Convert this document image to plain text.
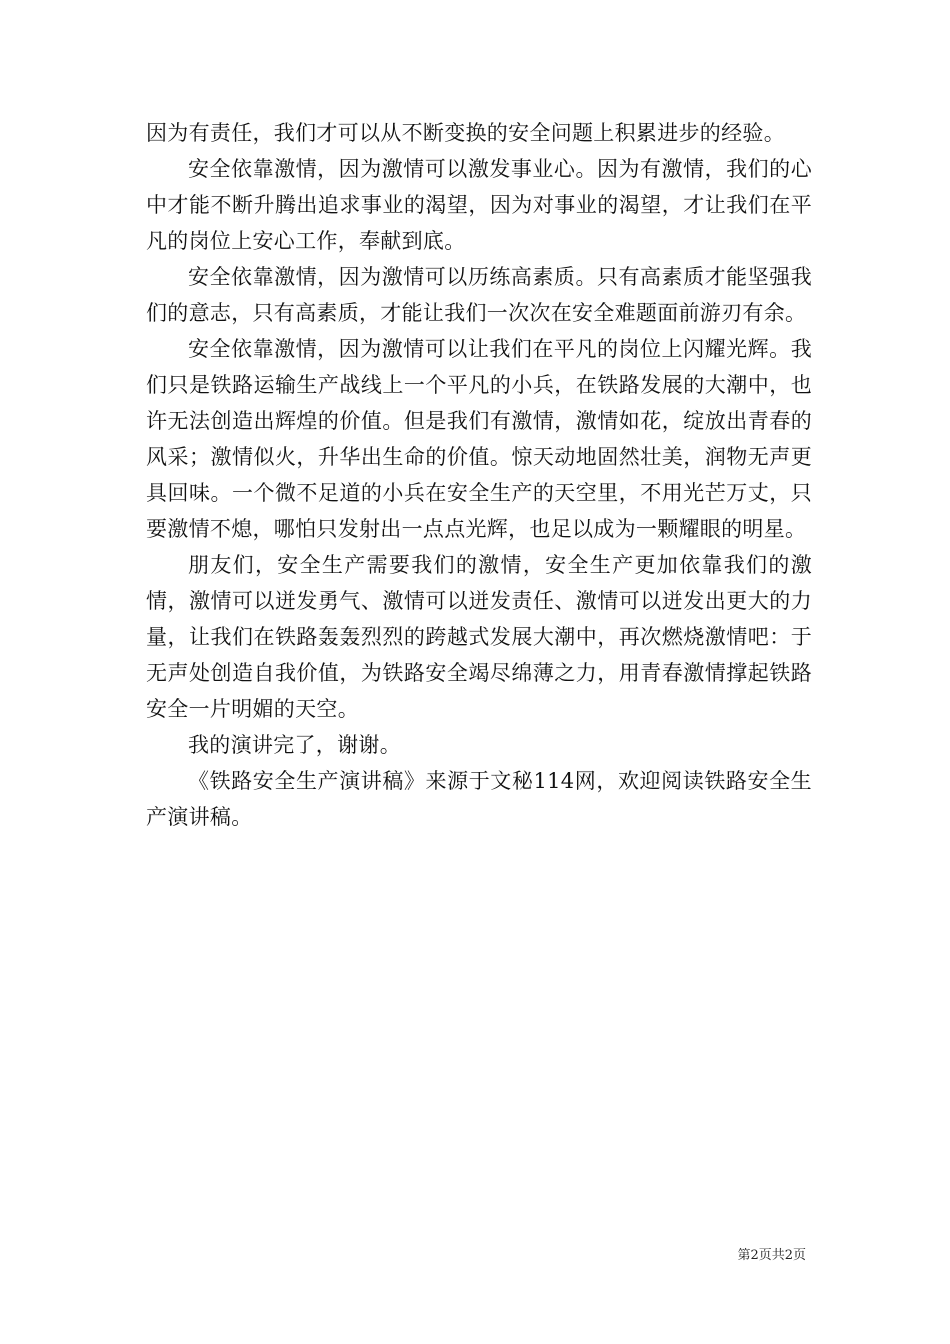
因为有责任，我们才可以从不断变换的安全问题上积累进步的经验。

安全依靠激情，因为激情可以激发事业心。因为有激情，我们的心中才能不断升腾出追求事业的渴望，因为对事业的渴望，才让我们在平凡的岗位上安心工作，奉献到底。

安全依靠激情，因为激情可以历练高素质。只有高素质才能坚强我们的意志，只有高素质，才能让我们一次次在安全难题面前游刃有余。

安全依靠激情，因为激情可以让我们在平凡的岗位上闪耀光辉。我们只是铁路运输生产战线上一个平凡的小兵，在铁路发展的大潮中，也许无法创造出辉煌的价值。但是我们有激情，激情如花，绽放出青春的风采；激情似火，升华出生命的价值。惊天动地固然壮美，润物无声更具回味。一个微不足道的小兵在安全生产的天空里，不用光芒万丈，只要激情不熄，哪怕只发射出一点点光辉，也足以成为一颗耀眼的明星。

朋友们，安全生产需要我们的激情，安全生产更加依靠我们的激情，激情可以迸发勇气、激情可以迸发责任、激情可以迸发出更大的力量，让我们在铁路轰轰烈烈的跨越式发展大潮中，再次燃烧激情吧：于无声处创造自我价值，为铁路安全竭尽绵薄之力，用青春激情撑起铁路安全一片明媚的天空。

我的演讲完了，谢谢。

《铁路安全生产演讲稿》来源于文秘114网，欢迎阅读铁路安全生产演讲稿。

第2页共2页
